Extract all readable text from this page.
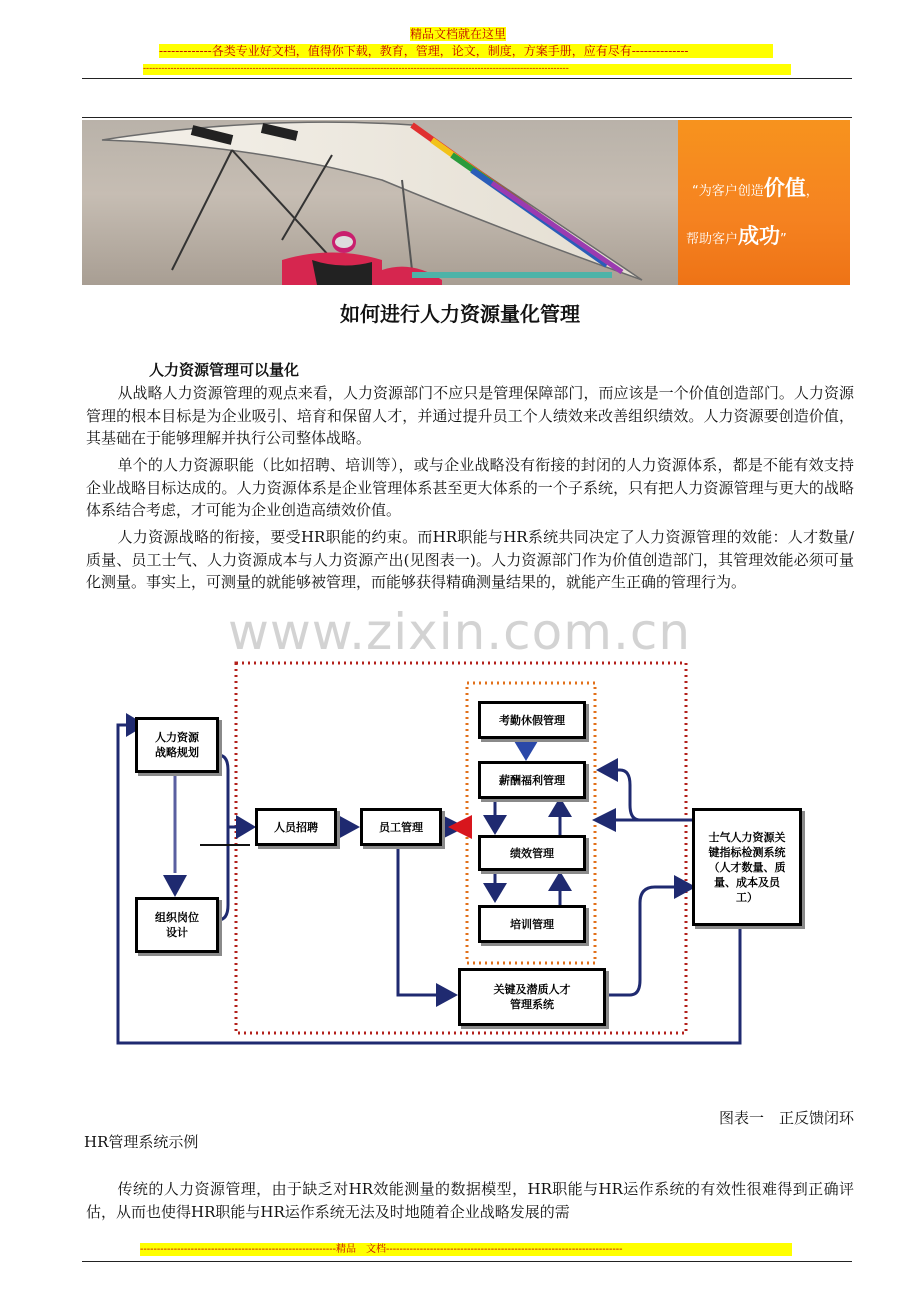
精品文档就在这里
-------------各类专业好文档，值得你下载，教育，管理，论文，制度，方案手册，应有尽有--------------
--------------------------------------------------------------------------------------------------------------------------------------------
“为客户创造价值，
帮助客户成功”
如何进行人力资源量化管理
人力资源管理可以量化

从战略人力资源管理的观点来看，人力资源部门不应只是管理保障部门，而应该是一个价值创造部门。人力资源管理的根本目标是为企业吸引、培育和保留人才，并通过提升员工个人绩效来改善组织绩效。人力资源要创造价值，其基础在于能够理解并执行公司整体战略。

单个的人力资源职能（比如招聘、培训等），或与企业战略没有衔接的封闭的人力资源体系，都是不能有效支持企业战略目标达成的。人力资源体系是企业管理体系甚至更大体系的一个子系统，只有把人力资源管理与更大的战略体系结合考虑，才可能为企业创造高绩效价值。

人力资源战略的衔接，要受HR职能的约束。而HR职能与HR系统共同决定了人力资源管理的效能：人才数量/质量、员工士气、人力资源成本与人力资源产出(见图表一)。人力资源部门作为价值创造部门，其管理效能必须可量化测量。事实上，可测量的就能够被管理，而能够获得精确测量结果的，就能产生正确的管理行为。

www.zixin.com.cn
人力资源
战略规划
组织岗位
设计
人员招聘	员工管理
考勤休假管理
薪酬福利管理
绩效管理
培训管理
关键及潜质人才
管理系统
士气人力资源关
键指标检测系统
（人才数量、质
量、成本及员
工）
图表一　正反馈闭环
HR管理系统示例

传统的人力资源管理，由于缺乏对HR效能测量的数据模型，HR职能与HR运作系统的有效性很难得到正确评估，从而也使得HR职能与HR运作系统无法及时地随着企业战略发展的需

----------------------------------------------------------精品　文档----------------------------------------------------------------------
